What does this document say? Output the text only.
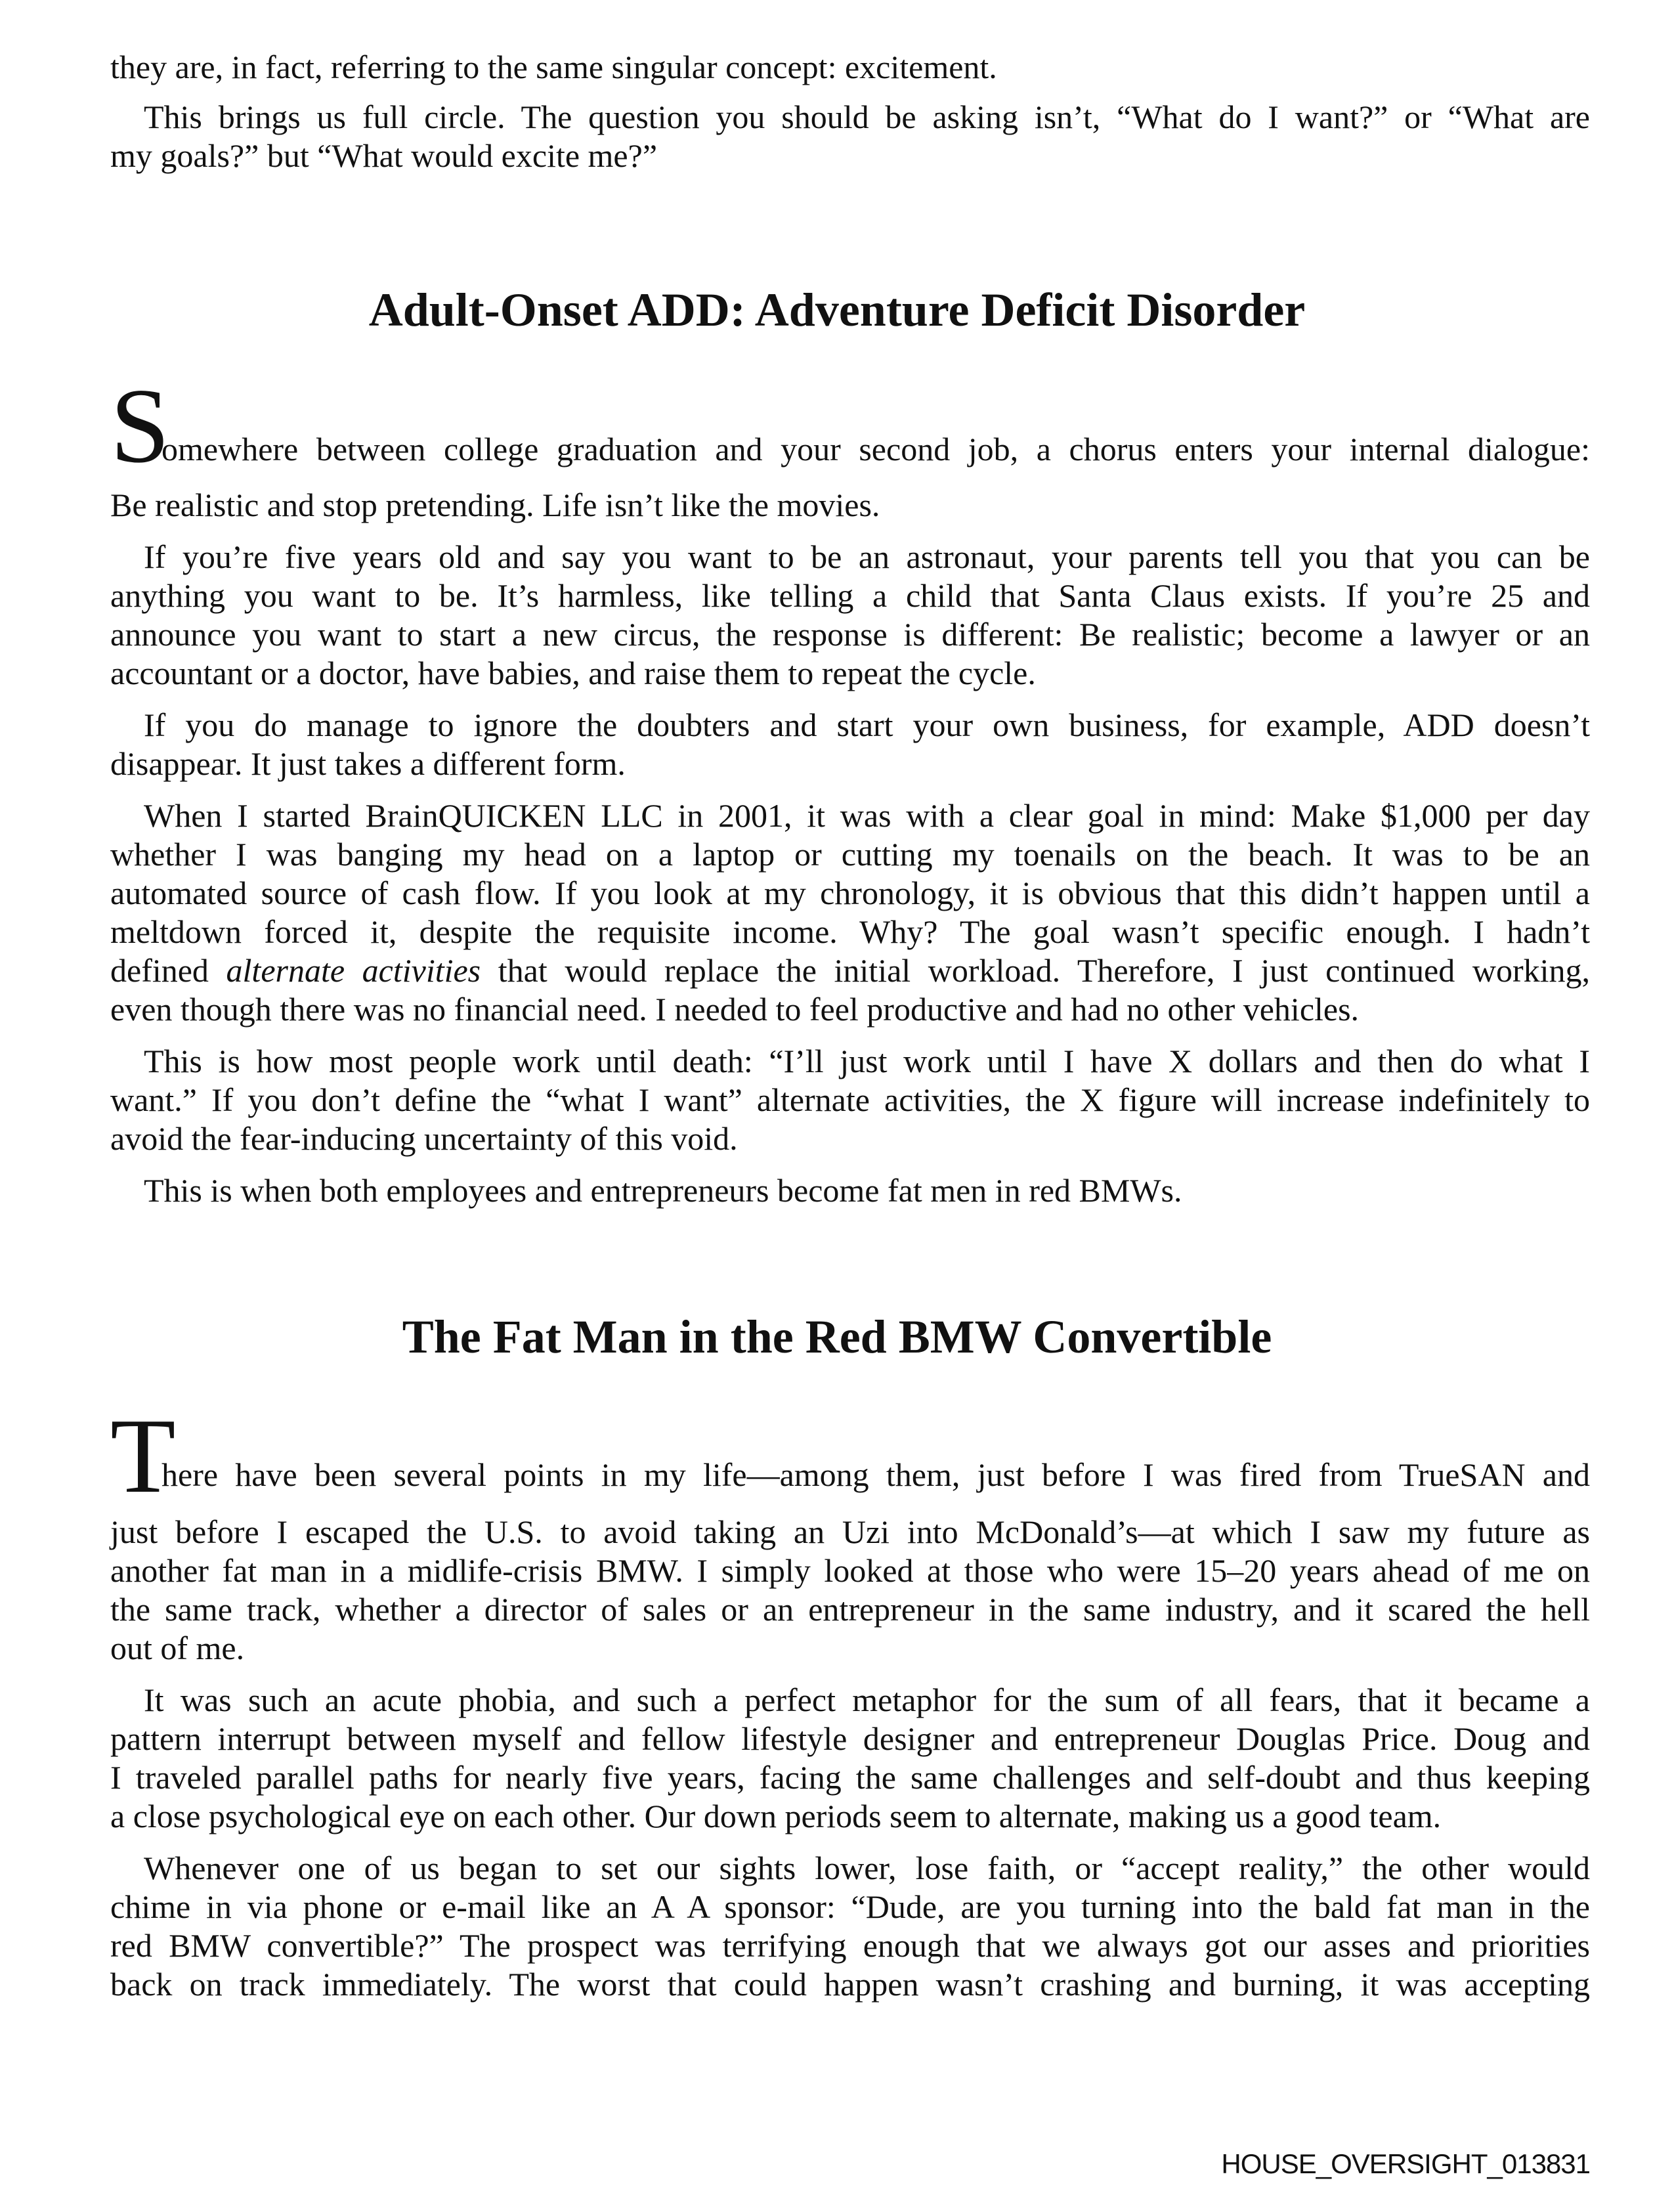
they are, in fact, referring to the same singular concept: excitement.
This brings us full circle. The question you should be asking isn’t, “What do I want?” or “What are
my goals?” but “What would excite me?”
Adult-Onset ADD: Adventure Deficit Disorder
S
omewhere between college graduation and your second job, a chorus enters your internal dialogue:
Be realistic and stop pretending. Life isn’t like the movies.
If you’re five years old and say you want to be an astronaut, your parents tell you that you can be
anything you want to be. It’s harmless, like telling a child that Santa Claus exists. If you’re 25 and
announce you want to start a new circus, the response is different: Be realistic; become a lawyer or an
accountant or a doctor, have babies, and raise them to repeat the cycle.
If you do manage to ignore the doubters and start your own business, for example, ADD doesn’t
disappear. It just takes a different form.
When I started BrainQUICKEN LLC in 2001, it was with a clear goal in mind: Make $1,000 per day
whether I was banging my head on a laptop or cutting my toenails on the beach. It was to be an
automated source of cash flow. If you look at my chronology, it is obvious that this didn’t happen until a
meltdown forced it, despite the requisite income. Why? The goal wasn’t specific enough. I hadn’t
defined alternate activities that would replace the initial workload. Therefore, I just continued working,
even though there was no financial need. I needed to feel productive and had no other vehicles.
This is how most people work until death: “I’ll just work until I have X dollars and then do what I
want.” If you don’t define the “what I want” alternate activities, the X figure will increase indefinitely to
avoid the fear-inducing uncertainty of this void.
This is when both employees and entrepreneurs become fat men in red BMWs.
The Fat Man in the Red BMW Convertible
T
here have been several points in my life—among them, just before I was fired from TrueSAN and
just before I escaped the U.S. to avoid taking an Uzi into McDonald’s—at which I saw my future as
another fat man in a midlife-crisis BMW. I simply looked at those who were 15–20 years ahead of me on
the same track, whether a director of sales or an entrepreneur in the same industry, and it scared the hell
out of me.
It was such an acute phobia, and such a perfect metaphor for the sum of all fears, that it became a
pattern interrupt between myself and fellow lifestyle designer and entrepreneur Douglas Price. Doug and
I traveled parallel paths for nearly five years, facing the same challenges and self-doubt and thus keeping
a close psychological eye on each other. Our down periods seem to alternate, making us a good team.
Whenever one of us began to set our sights lower, lose faith, or “accept reality,” the other would
chime in via phone or e-mail like an A A sponsor: “Dude, are you turning into the bald fat man in the
red BMW convertible?” The prospect was terrifying enough that we always got our asses and priorities
back on track immediately. The worst that could happen wasn’t crashing and burning, it was accepting
HOUSE_OVERSIGHT_013831
